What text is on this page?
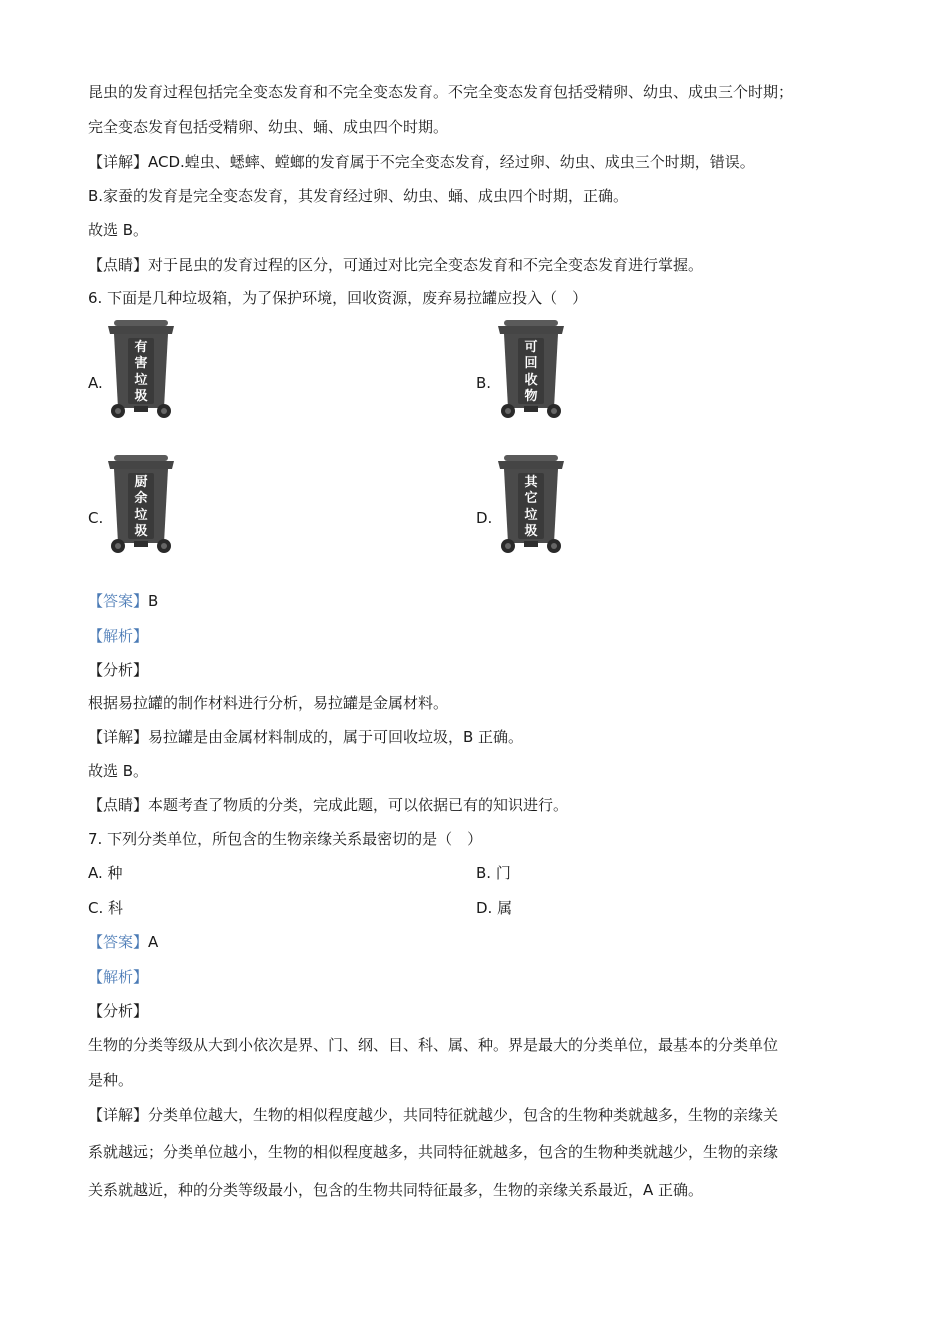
昆虫的发育过程包括完全变态发育和不完全变态发育。不完全变态发育包括受精卵、幼虫、成虫三个时期；
完全变态发育包括受精卵、幼虫、蛹、成虫四个时期。
【详解】ACD.蝗虫、蟋蟀、螳螂的发育属于不完全变态发育，经过卵、幼虫、成虫三个时期，错误。
B.家蚕的发育是完全变态发育，其发育经过卵、幼虫、蛹、成虫四个时期，正确。
故选 B。
【点睛】对于昆虫的发育过程的区分，可通过对比完全变态发育和不完全变态发育进行掌握。
6. 下面是几种垃圾箱，为了保护环境，回收资源，废弃易拉罐应投入（　）
A.
有
害
垃
圾
B.
可
回
收
物
C.
厨
余
垃
圾
D.
其
它
垃
圾
【答案】B
【解析】
【分析】
根据易拉罐的制作材料进行分析，易拉罐是金属材料。
【详解】易拉罐是由金属材料制成的，属于可回收垃圾，B 正确。
故选 B。
【点睛】本题考查了物质的分类，完成此题，可以依据已有的知识进行。
7. 下列分类单位，所包含的生物亲缘关系最密切的是（　）
A. 种	B. 门
C. 科	D. 属
【答案】A
【解析】
【分析】
生物的分类等级从大到小依次是界、门、纲、目、科、属、种。界是最大的分类单位，最基本的分类单位
是种。
【详解】分类单位越大，生物的相似程度越少，共同特征就越少，包含的生物种类就越多，生物的亲缘关
系就越远；分类单位越小，生物的相似程度越多，共同特征就越多，包含的生物种类就越少，生物的亲缘
关系就越近，种的分类等级最小，包含的生物共同特征最多，生物的亲缘关系最近，A 正确。
